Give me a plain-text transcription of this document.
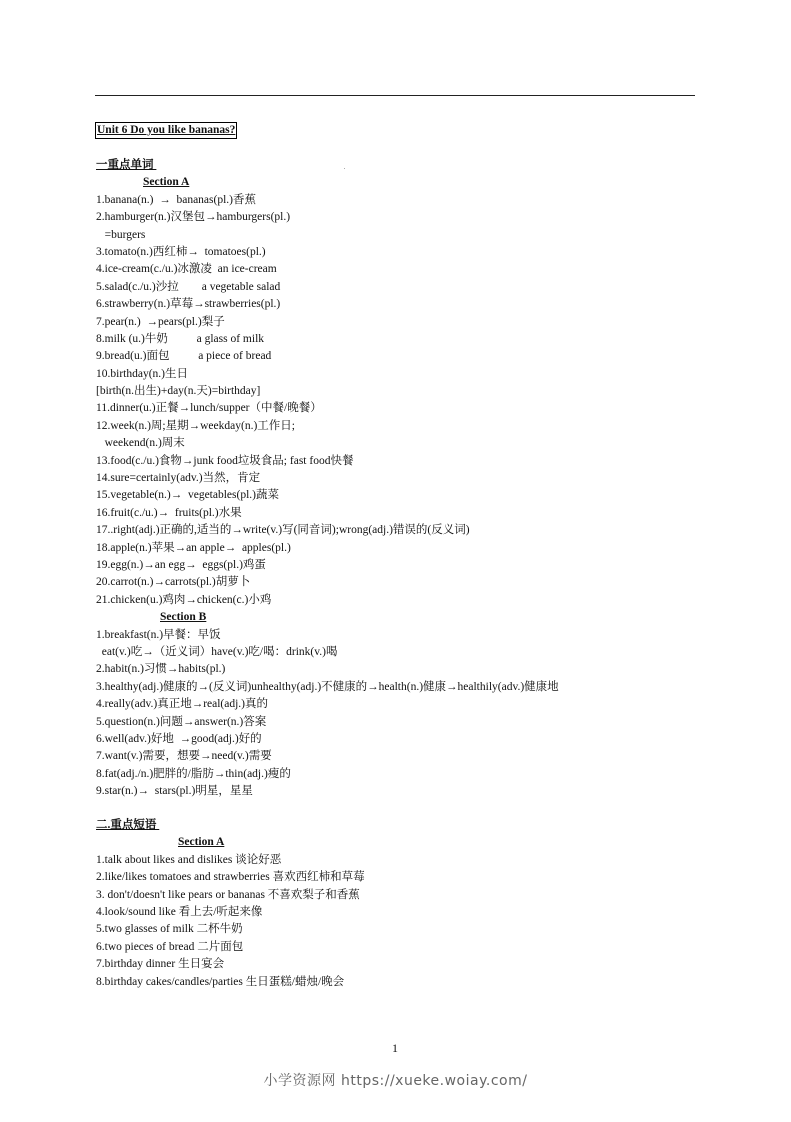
Unit 6 Do you like bananas?
一重点单词
Section A
1.banana(n.)  →  bananas(pl.)香蕉
2.hamburger(n.)汉堡包→hamburgers(pl.)
=burgers
3.tomato(n.)西红柿→  tomatoes(pl.)
4.ice-cream(c./u.)冰激凌  an ice-cream
5.salad(c./u.)沙拉        a vegetable salad
6.strawberry(n.)草莓→strawberries(pl.)
7.pear(n.)  →pears(pl.)梨子
8.milk (u.)牛奶          a glass of milk
9.bread(u.)面包          a piece of bread
10.birthday(n.)生日
[birth(n.出生)+day(n.天)=birthday]
11.dinner(u.)正餐→lunch/supper（中餐/晚餐）
12.week(n.)周;星期→weekday(n.)工作日;
weekend(n.)周末
13.food(c./u.)食物→junk food垃圾食品; fast food快餐
14.sure=certainly(adv.)当然，肯定
15.vegetable(n.)→  vegetables(pl.)蔬菜
16.fruit(c./u.)→  fruits(pl.)水果
17..right(adj.)正确的,适当的→write(v.)写(同音词);wrong(adj.)错误的(反义词)
18.apple(n.)苹果→an apple→  apples(pl.)
19.egg(n.)→an egg→  eggs(pl.)鸡蛋
20.carrot(n.)→carrots(pl.)胡萝卜
21.chicken(u.)鸡肉→chicken(c.)小鸡
Section B
1.breakfast(n.)早餐：早饭
eat(v.)吃→（近义词）have(v.)吃/喝：drink(v.)喝
2.habit(n.)习惯→habits(pl.)
3.healthy(adj.)健康的→(反义词)unhealthy(adj.)不健康的→health(n.)健康→healthily(adv.)健康地
4.really(adv.)真正地→real(adj.)真的
5.question(n.)问题→answer(n.)答案
6.well(adv.)好地  →good(adj.)好的
7.want(v.)需要，想要→need(v.)需要
8.fat(adj./n.)肥胖的/脂肪→thin(adj.)瘦的
9.star(n.)→  stars(pl.)明星，星星
二.重点短语
Section A
1.talk about likes and dislikes 谈论好恶
2.like/likes tomatoes and strawberries 喜欢西红柿和草莓
3. don't/doesn't like pears or bananas 不喜欢梨子和香蕉
4.look/sound like 看上去/听起来像
5.two glasses of milk 二杯牛奶
6.two pieces of bread 二片面包
7.birthday dinner 生日宴会
8.birthday cakes/candles/parties 生日蛋糕/蜡烛/晚会
1
小学资源网 https://xueke.woiay.com/
